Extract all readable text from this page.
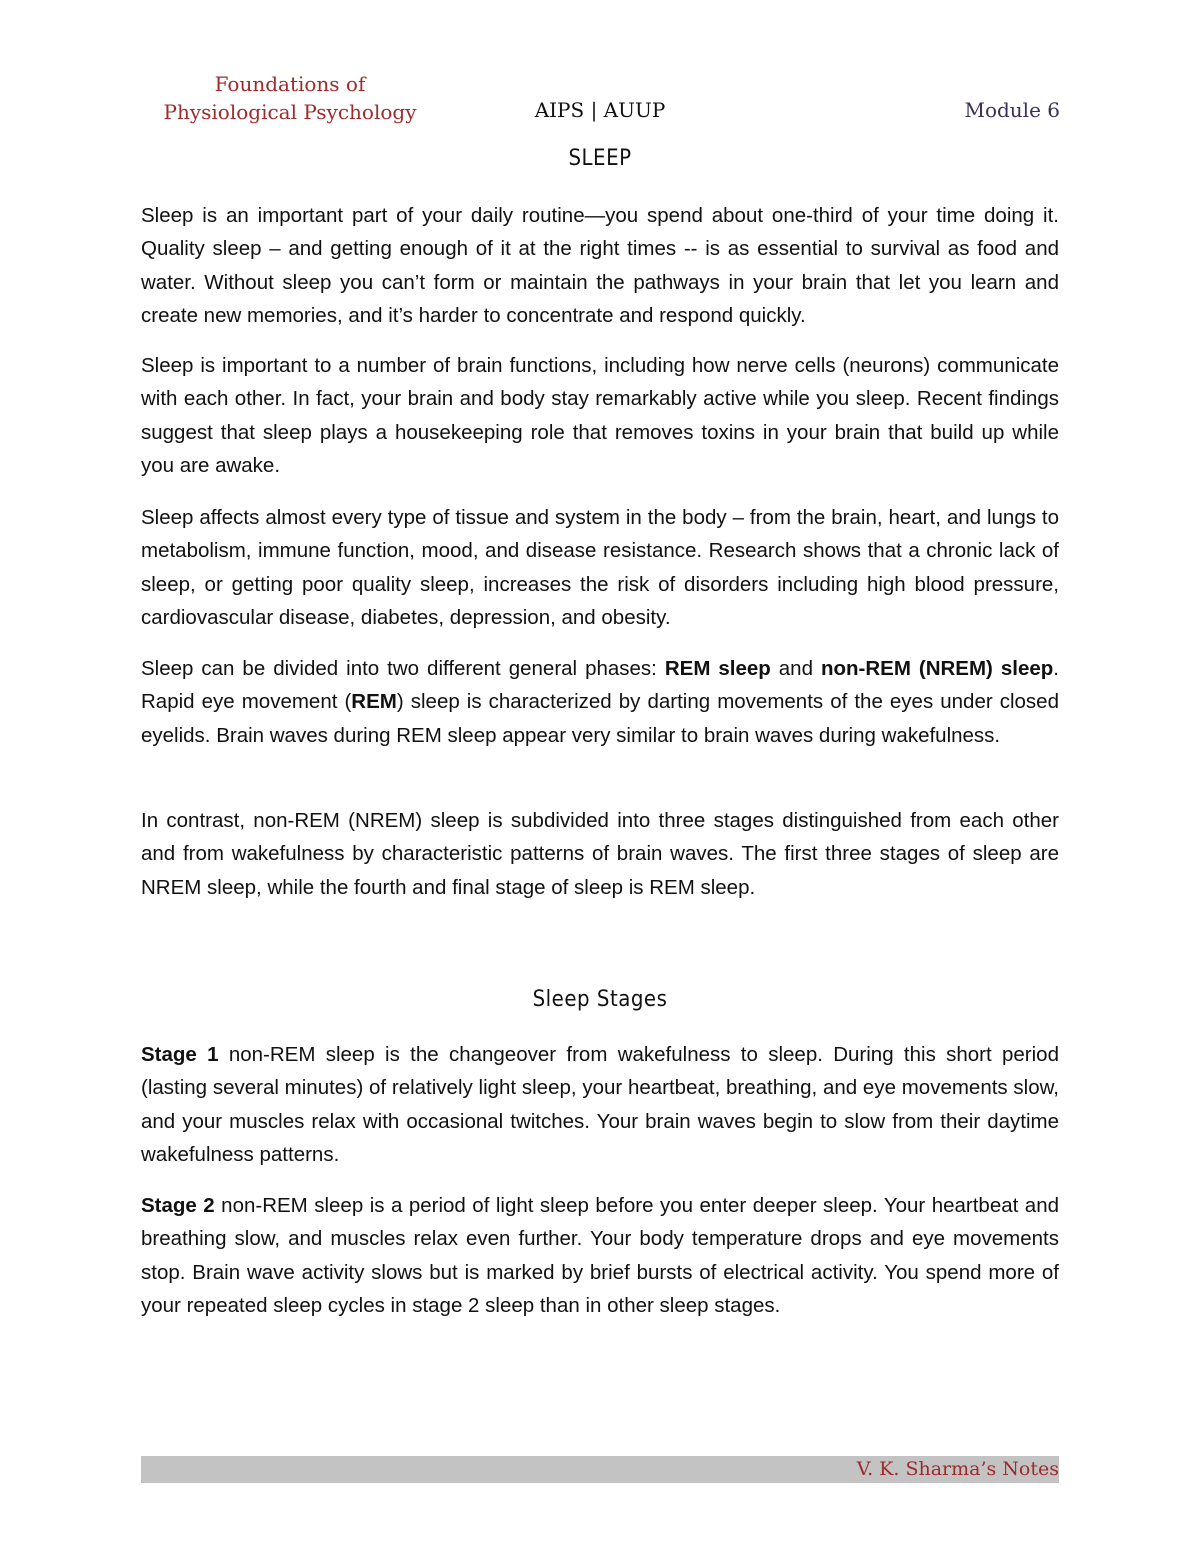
Foundations of
Physiological Psychology	AIPS | AUUP	Module 6
SLEEP

Sleep is an important part of your daily routine—you spend about one-third of your time doing it. Quality sleep – and getting enough of it at the right times -- is as essential to survival as food and water. Without sleep you can’t form or maintain the pathways in your brain that let you learn and create new memories, and it’s harder to concentrate and respond quickly.

Sleep is important to a number of brain functions, including how nerve cells (neurons) communicate with each other. In fact, your brain and body stay remarkably active while you sleep. Recent findings suggest that sleep plays a housekeeping role that removes toxins in your brain that build up while you are awake.

Sleep affects almost every type of tissue and system in the body – from the brain, heart, and lungs to metabolism, immune function, mood, and disease resistance. Research shows that a chronic lack of sleep, or getting poor quality sleep, increases the risk of disorders including high blood pressure, cardiovascular disease, diabetes, depression, and obesity.

Sleep can be divided into two different general phases: REM sleep and non-REM (NREM) sleep. Rapid eye movement (REM) sleep is characterized by darting movements of the eyes under closed eyelids. Brain waves during REM sleep appear very similar to brain waves during wakefulness.

In contrast, non-REM (NREM) sleep is subdivided into three stages distinguished from each other and from wakefulness by characteristic patterns of brain waves. The first three stages of sleep are NREM sleep, while the fourth and final stage of sleep is REM sleep.

Sleep Stages

Stage 1 non-REM sleep is the changeover from wakefulness to sleep. During this short period (lasting several minutes) of relatively light sleep, your heartbeat, breathing, and eye movements slow, and your muscles relax with occasional twitches. Your brain waves begin to slow from their daytime wakefulness patterns.

Stage 2 non-REM sleep is a period of light sleep before you enter deeper sleep. Your heartbeat and breathing slow, and muscles relax even further. Your body temperature drops and eye movements stop. Brain wave activity slows but is marked by brief bursts of electrical activity. You spend more of your repeated sleep cycles in stage 2 sleep than in other sleep stages.

V. K. Sharma’s Notes
